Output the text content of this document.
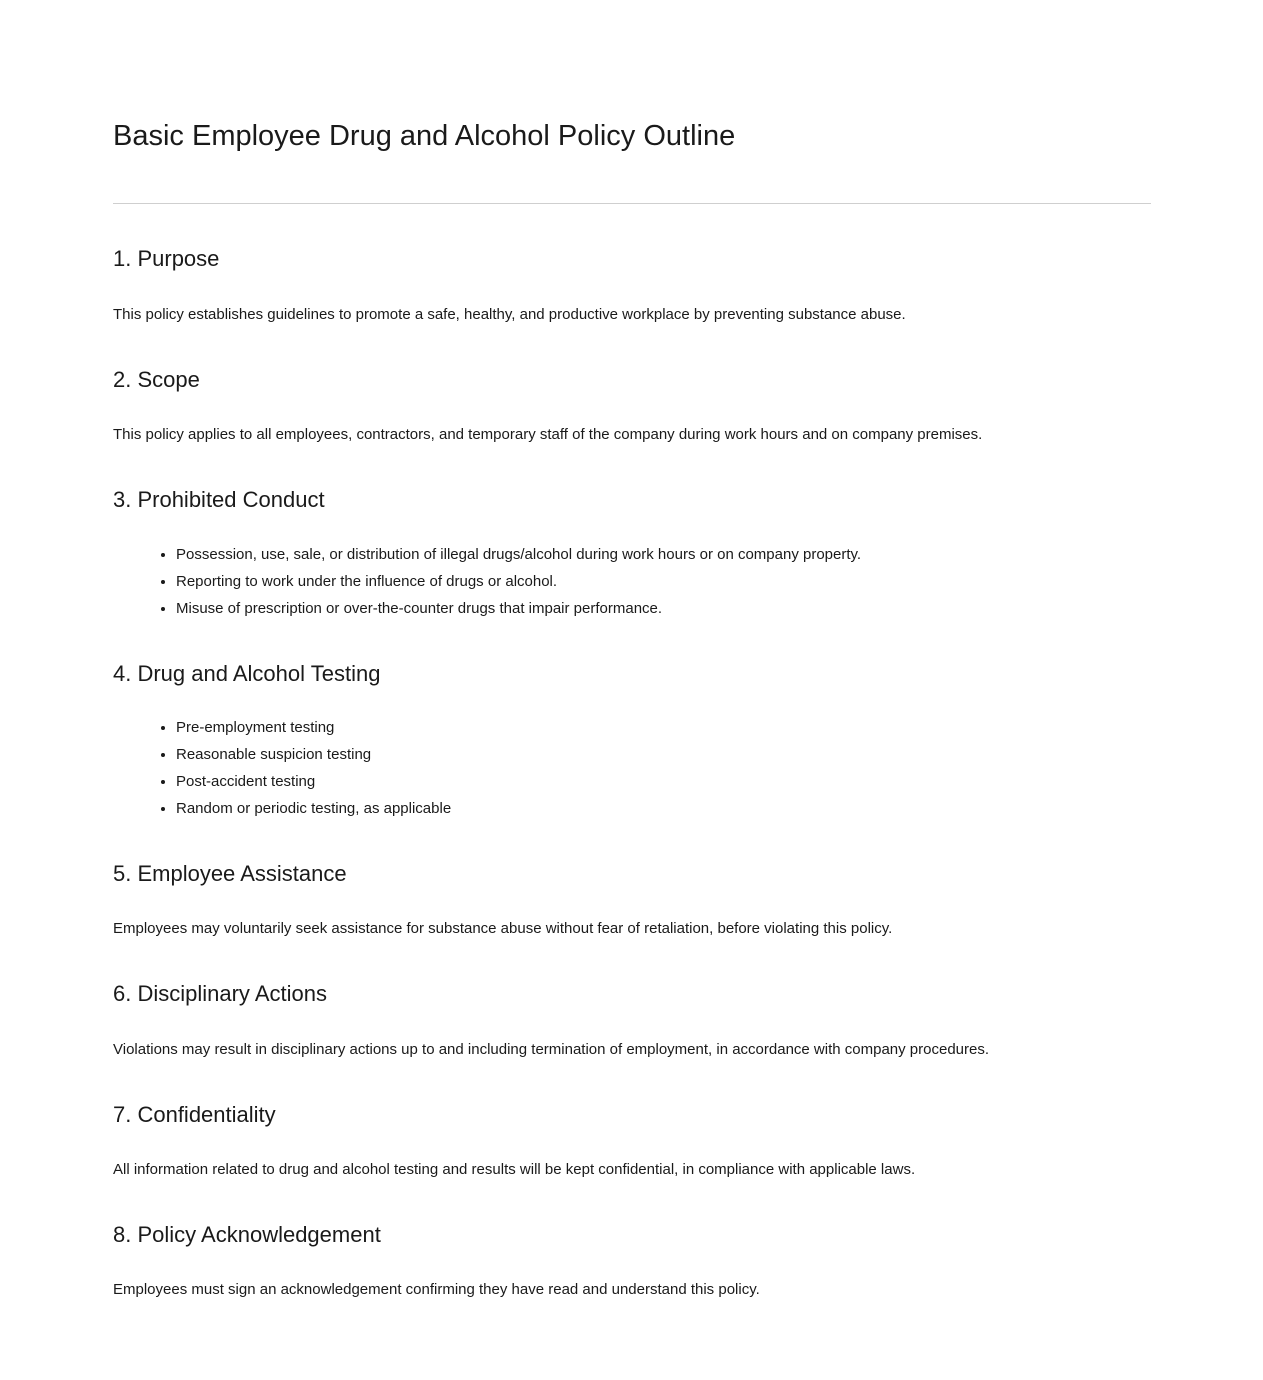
Basic Employee Drug and Alcohol Policy Outline
1. Purpose

This policy establishes guidelines to promote a safe, healthy, and productive workplace by preventing substance abuse.

2. Scope

This policy applies to all employees, contractors, and temporary staff of the company during work hours and on company premises.

3. Prohibited Conduct
• Possession, use, sale, or distribution of illegal drugs/alcohol during work hours or on company property.
• Reporting to work under the influence of drugs or alcohol.
• Misuse of prescription or over-the-counter drugs that impair performance.
4. Drug and Alcohol Testing
• Pre-employment testing
• Reasonable suspicion testing
• Post-accident testing
• Random or periodic testing, as applicable
5. Employee Assistance

Employees may voluntarily seek assistance for substance abuse without fear of retaliation, before violating this policy.

6. Disciplinary Actions

Violations may result in disciplinary actions up to and including termination of employment, in accordance with company procedures.

7. Confidentiality

All information related to drug and alcohol testing and results will be kept confidential, in compliance with applicable laws.

8. Policy Acknowledgement

Employees must sign an acknowledgement confirming they have read and understand this policy.
